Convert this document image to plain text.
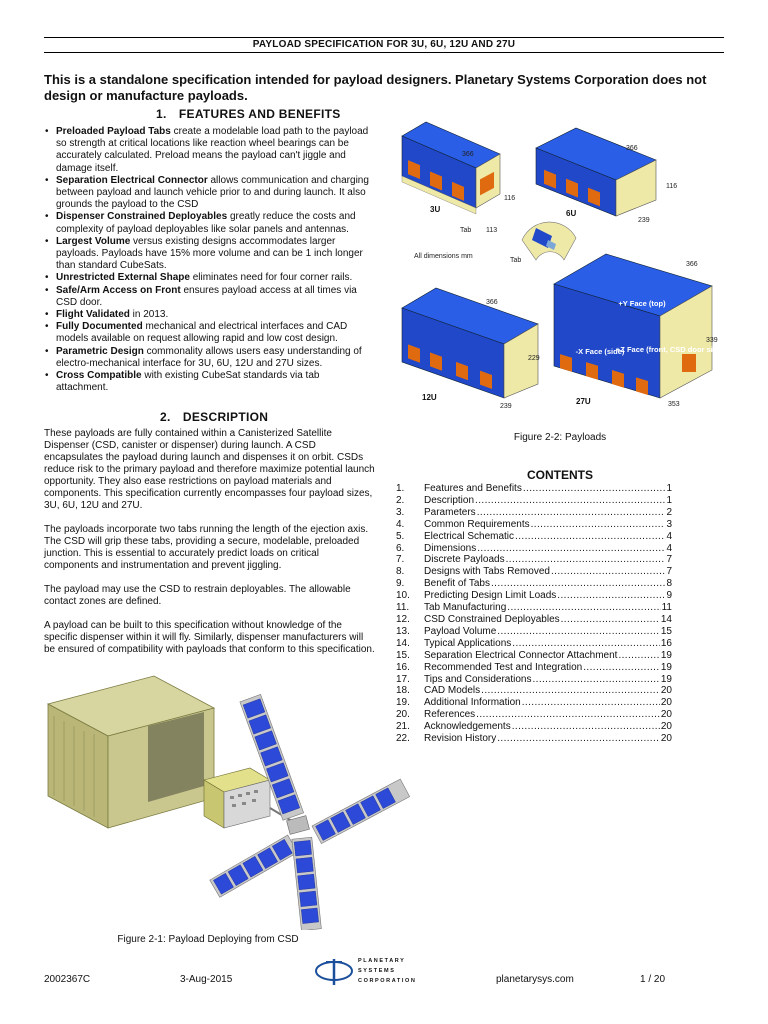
PAYLOAD SPECIFICATION FOR 3U, 6U, 12U AND 27U
This is a standalone specification intended for payload designers. Planetary Systems Corporation does not design or manufacture payloads.
1. FEATURES AND BENEFITS
• Preloaded Payload Tabs create a modelable load path to the payload so strength at critical locations like reaction wheel bearings can be accurately calculated. Preload means the payload can't jiggle and damage itself.
• Separation Electrical Connector allows communication and charging between payload and launch vehicle prior to and during launch. It also grounds the payload to the CSD
• Dispenser Constrained Deployables greatly reduce the costs and complexity of payload deployables like solar panels and antennas.
• Largest Volume versus existing designs accommodates larger payloads. Payloads have 15% more volume and can be 1 inch longer than standard CubeSats.
• Unrestricted External Shape eliminates need for four corner rails.
• Safe/Arm Access on Front ensures payload access at all times via CSD door.
• Flight Validated in 2013.
• Fully Documented mechanical and electrical interfaces and CAD models available on request allowing rapid and low cost design.
• Parametric Design commonality allows users easy understanding of electro-mechanical interface for 3U, 6U, 12U and 27U sizes.
• Cross Compatible with existing CubeSat standards via tab attachment.
2. DESCRIPTION

These payloads are fully contained within a Canisterized Satellite Dispenser (CSD, canister or dispenser) during launch. A CSD encapsulates the payload during launch and dispenses it on orbit. CSDs reduce risk to the primary payload and therefore maximize potential launch opportunity. They also ease restrictions on payload materials and components. This specification currently encompasses four payload sizes, 3U, 6U, 12U and 27U.

The payloads incorporate two tabs running the length of the ejection axis. The CSD will grip these tabs, providing a secure, modelable, preloaded junction. This is essential to accurately predict loads on critical components and instrumentation and prevent jiggling.

The payload may use the CSD to restrain deployables. The allowable contact zones are defined.

A payload can be built to this specification without knowledge of the specific dispenser within it will fly. Similarly, dispenser manufacturers will be ensured of compatibility with payloads that conform to this specification.

Figure 2-1: Payload Deploying from CSD
366
116
113
3U
Tab
366
116
239
6U
Tab
All dimensions mm
366
229
239
12U
366
339
353
27U
+Y Face (top)
-X Face (side)
+Z Face (front, CSD door side)
Figure 2-2: Payloads
CONTENTS
1.	Features and Benefits .....	1
2.	Description .....	1
3.	Parameters .....	2
4.	Common Requirements .....	3
5.	Electrical Schematic .....	4
6.	Dimensions .....	4
7.	Discrete Payloads .....	7
8.	Designs with Tabs Removed .....	7
9.	Benefit of Tabs .....	8
10.	Predicting Design Limit Loads .....	9
11.	Tab Manufacturing .....	11
12.	CSD Constrained Deployables .....	14
13.	Payload Volume .....	15
14.	Typical Applications .....	16
15.	Separation Electrical Connector Attachment .....	19
16.	Recommended Test and Integration .....	19
17.	Tips and Considerations .....	19
18.	CAD Models .....	20
19.	Additional Information .....	20
20.	References .....	20
21.	Acknowledgements .....	20
22.	Revision History .....	20
2002367C	3-Aug-2015
PLANETARY
SYSTEMS
CORPORATION	planetarysys.com	1 / 20
